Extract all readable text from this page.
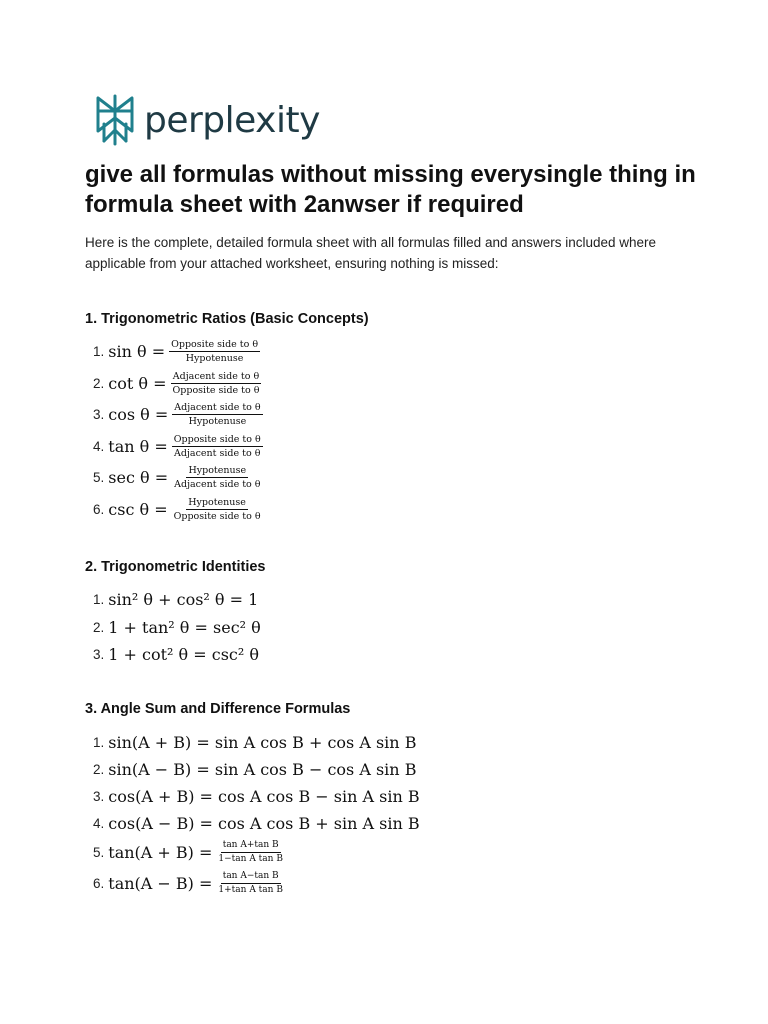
perplexity
give all formulas without missing everysingle thing in formula sheet with 2anwser if required

Here is the complete, detailed formula sheet with all formulas filled and answers included where applicable from your attached worksheet, ensuring nothing is missed:

1. Trigonometric Ratios (Basic Concepts)
1. $\sin \theta = \frac{\text{Opposite side to θ}}{\text{Hypotenuse}}$
2. $\cot \theta = \frac{\text{Adjacent side to θ}}{\text{Opposite side to θ}}$
3. $\cos \theta = \frac{\text{Adjacent side to θ}}{\text{Hypotenuse}}$
4. $\tan \theta = \frac{\text{Opposite side to θ}}{\text{Adjacent side to θ}}$
5. $\sec \theta = \frac{\text{Hypotenuse}}{\text{Adjacent side to θ}}$
6. $\csc \theta = \frac{\text{Hypotenuse}}{\text{Opposite side to θ}}$
2. Trigonometric Identities
1. sin² θ + cos² θ = 1
2. 1 + tan² θ = sec² θ
3. 1 + cot² θ = csc² θ
3. Angle Sum and Difference Formulas
1. sin(A + B) = sin A cos B + cos A sin B
2. sin(A − B) = sin A cos B − cos A sin B
3. cos(A + B) = cos A cos B − sin A sin B
4. cos(A − B) = cos A cos B + sin A sin B
5. $\tan(A + B) = \frac{\text{tan A+tan B}}{\text{1−tan A tan B}}$
6. $\tan(A - B) = \frac{\text{tan A−tan B}}{\text{1+tan A tan B}}$
